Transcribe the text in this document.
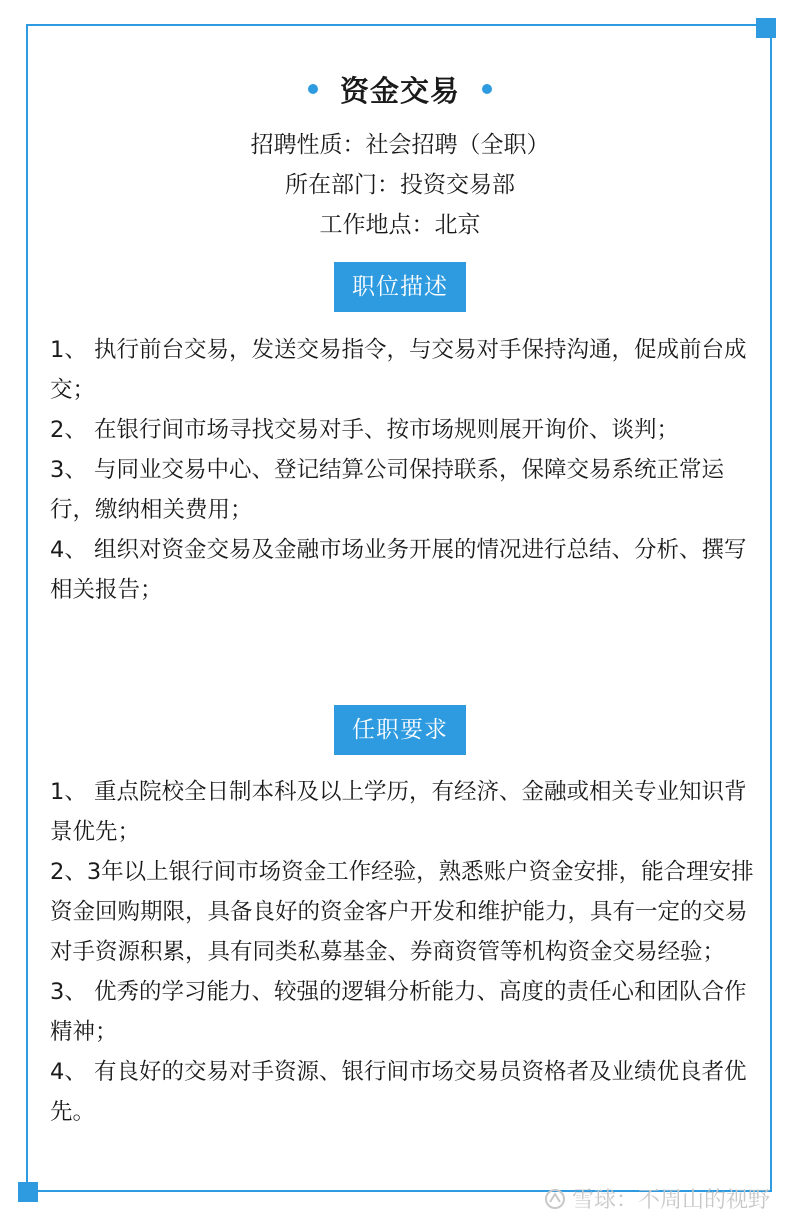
资金交易
招聘性质：社会招聘（全职）
所在部门：投资交易部
工作地点：北京
职位描述
1、 执行前台交易，发送交易指令，与交易对手保持沟通，促成前台成交；
2、 在银行间市场寻找交易对手、按市场规则展开询价、谈判；
3、 与同业交易中心、登记结算公司保持联系，保障交易系统正常运行，缴纳相关费用；
4、 组织对资金交易及金融市场业务开展的情况进行总结、分析、撰写相关报告；
任职要求
1、 重点院校全日制本科及以上学历，有经济、金融或相关专业知识背景优先；
2、3年以上银行间市场资金工作经验，熟悉账户资金安排，能合理安排资金回购期限，具备良好的资金客户开发和维护能力，具有一定的交易对手资源积累，具有同类私募基金、券商资管等机构资金交易经验；
3、 优秀的学习能力、较强的逻辑分析能力、高度的责任心和团队合作精神；
4、 有良好的交易对手资源、银行间市场交易员资格者及业绩优良者优先。
雪球：不周山的视野
